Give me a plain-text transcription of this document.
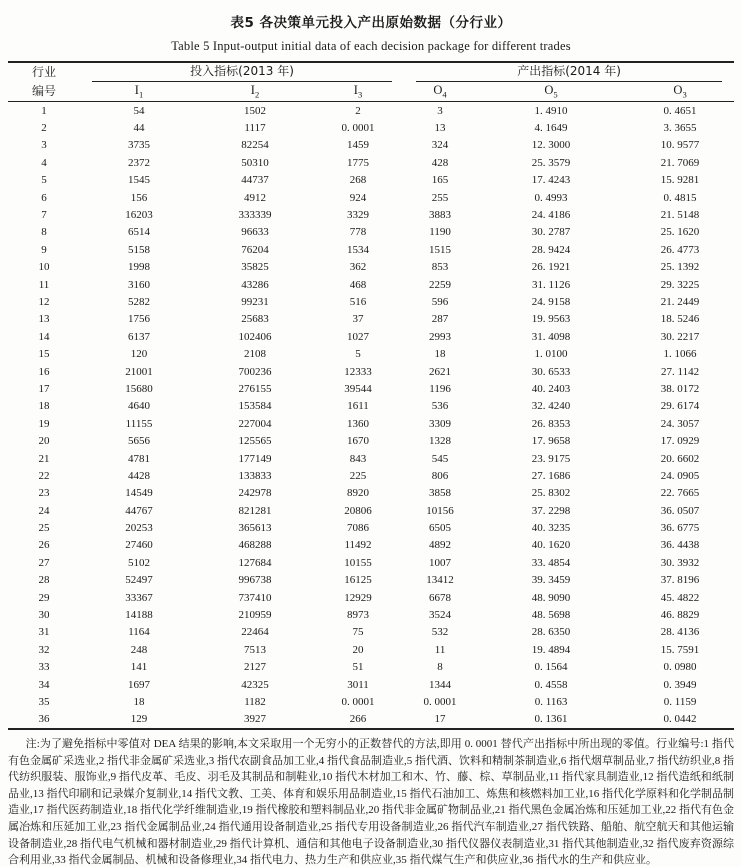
表5 各决策单元投入产出原始数据（分行业）
Table 5 Input-output initial data of each decision package for different trades
行业
编号	投入指标(2013 年)			产出指标(2014 年)		

	$I_1$	$I_2$	$I_3$	$O_4$	$O_5$	$O_3$
1	54	1502	2	3	1. 4910	0. 4651
2	44	1117	0. 0001	13	4. 1649	3. 3655
3	3735	82254	1459	324	12. 3000	10. 9577
4	2372	50310	1775	428	25. 3579	21. 7069
5	1545	44737	268	165	17. 4243	15. 9281
6	156	4912	924	255	0. 4993	0. 4815
7	16203	333339	3329	3883	24. 4186	21. 5148
8	6514	96633	778	1190	30. 2787	25. 1620
9	5158	76204	1534	1515	28. 9424	26. 4773
10	1998	35825	362	853	26. 1921	25. 1392
11	3160	43286	468	2259	31. 1126	29. 3225
12	5282	99231	516	596	24. 9158	21. 2449
13	1756	25683	37	287	19. 9563	18. 5246
14	6137	102406	1027	2993	31. 4098	30. 2217
15	120	2108	5	18	1. 0100	1. 1066
16	21001	700236	12333	2621	30. 6533	27. 1142
17	15680	276155	39544	1196	40. 2403	38. 0172
18	4640	153584	1611	536	32. 4240	29. 6174
19	11155	227004	1360	3309	26. 8353	24. 3057
20	5656	125565	1670	1328	17. 9658	17. 0929
21	4781	177149	843	545	23. 9175	20. 6602
22	4428	133833	225	806	27. 1686	24. 0905
23	14549	242978	8920	3858	25. 8302	22. 7665
24	44767	821281	20806	10156	37. 2298	36. 0507
25	20253	365613	7086	6505	40. 3235	36. 6775
26	27460	468288	11492	4892	40. 1620	36. 4438
27	5102	127684	10155	1007	33. 4854	30. 3932
28	52497	996738	16125	13412	39. 3459	37. 8196
29	33367	737410	12929	6678	48. 9090	45. 4822
30	14188	210959	8973	3524	48. 5698	46. 8829
31	1164	22464	75	532	28. 6350	28. 4136
32	248	7513	20	11	19. 4894	15. 7591
33	141	2127	51	8	0. 1564	0. 0980
34	1697	42325	3011	1344	0. 4558	0. 3949
35	18	1182	0. 0001	0. 0001	0. 1163	0. 1159
36	129	3927	266	17	0. 1361	0. 0442

注:为了避免指标中零值对 DEA 结果的影响,本文采取用一个无穷小的正数替代的方法,即用 0. 0001 替代产出指标中所出现的零值。行业编号:1 指代有色金属矿采选业,2 指代非金属矿采选业,3 指代农副食品加工业,4 指代食品制造业,5 指代酒、饮料和精制茶制造业,6 指代烟草制品业,7 指代纺织业,8 指代纺织服装、服饰业,9 指代皮革、毛皮、羽毛及其制品和制鞋业,10 指代木材加工和木、竹、藤、棕、草制品业,11 指代家具制造业,12 指代造纸和纸制品业,13 指代印刷和记录媒介复制业,14 指代文教、工美、体育和娱乐用品制造业,15 指代石油加工、炼焦和核燃料加工业,16 指代化学原料和化学制品制造业,17 指代医药制造业,18 指代化学纤维制造业,19 指代橡胶和塑料制品业,20 指代非金属矿物制品业,21 指代黑色金属冶炼和压延加工业,22 指代有色金属冶炼和压延加工业,23 指代金属制品业,24 指代通用设备制造业,25 指代专用设备制造业,26 指代汽车制造业,27 指代铁路、船舶、航空航天和其他运输设备制造业,28 指代电气机械和器材制造业,29 指代计算机、通信和其他电子设备制造业,30 指代仪器仪表制造业,31 指代其他制造业,32 指代废弃资源综合利用业,33 指代金属制品、机械和设备修理业,34 指代电力、热力生产和供应业,35 指代煤气生产和供应业,36 指代水的生产和供应业。
